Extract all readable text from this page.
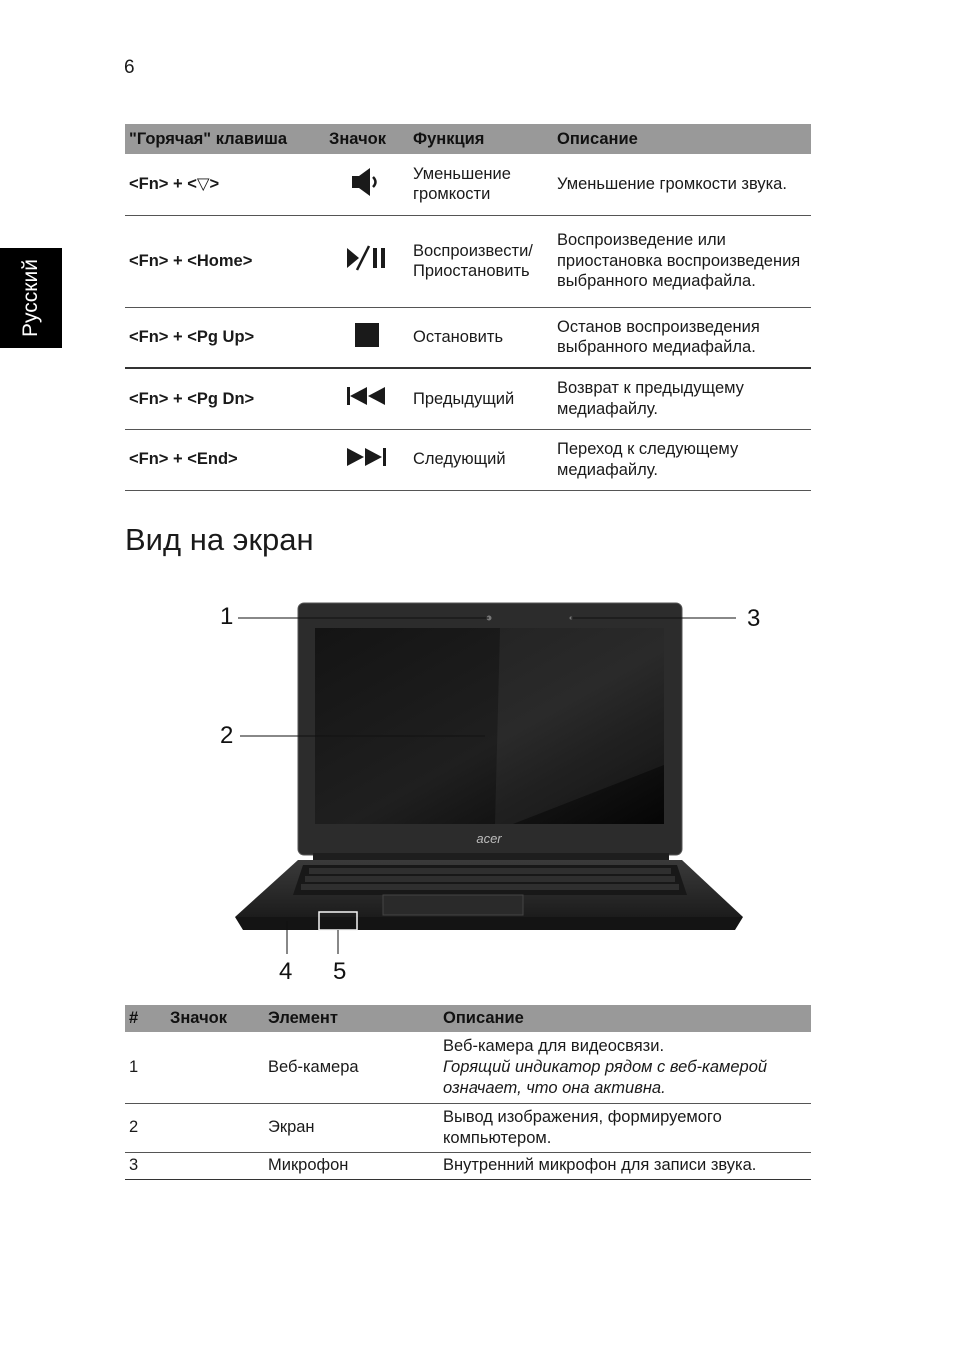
6
Русский
"Горячая" клавиша	Значок	Функция	Описание
<Fn> + <▽>		Уменьшение громкости	Уменьшение громкости звука.
<Fn> + <Home>		Воспроизвести/ Приостановить	Воспроизведение или приостановка воспроизведения выбранного медиафайла.
<Fn> + <Pg Up>		Остановить	Останов воспроизведения выбранного медиафайла.
<Fn> + <Pg Dn>		Предыдущий	Возврат к предыдущему медиафайлу.
<Fn> + <End>		Следующий	Переход к следующему медиафайлу.
Вид на экран
acer
1
2
3
4 5
#	Значок	Элемент	Описание
1		Веб-камера	Веб-камера для видеосвязи.
Горящий индикатор рядом с веб-камерой означает, что она активна.

2		Экран	Вывод изображения, формируемого компьютером.
3		Микрофон	Внутренний микрофон для записи звука.
